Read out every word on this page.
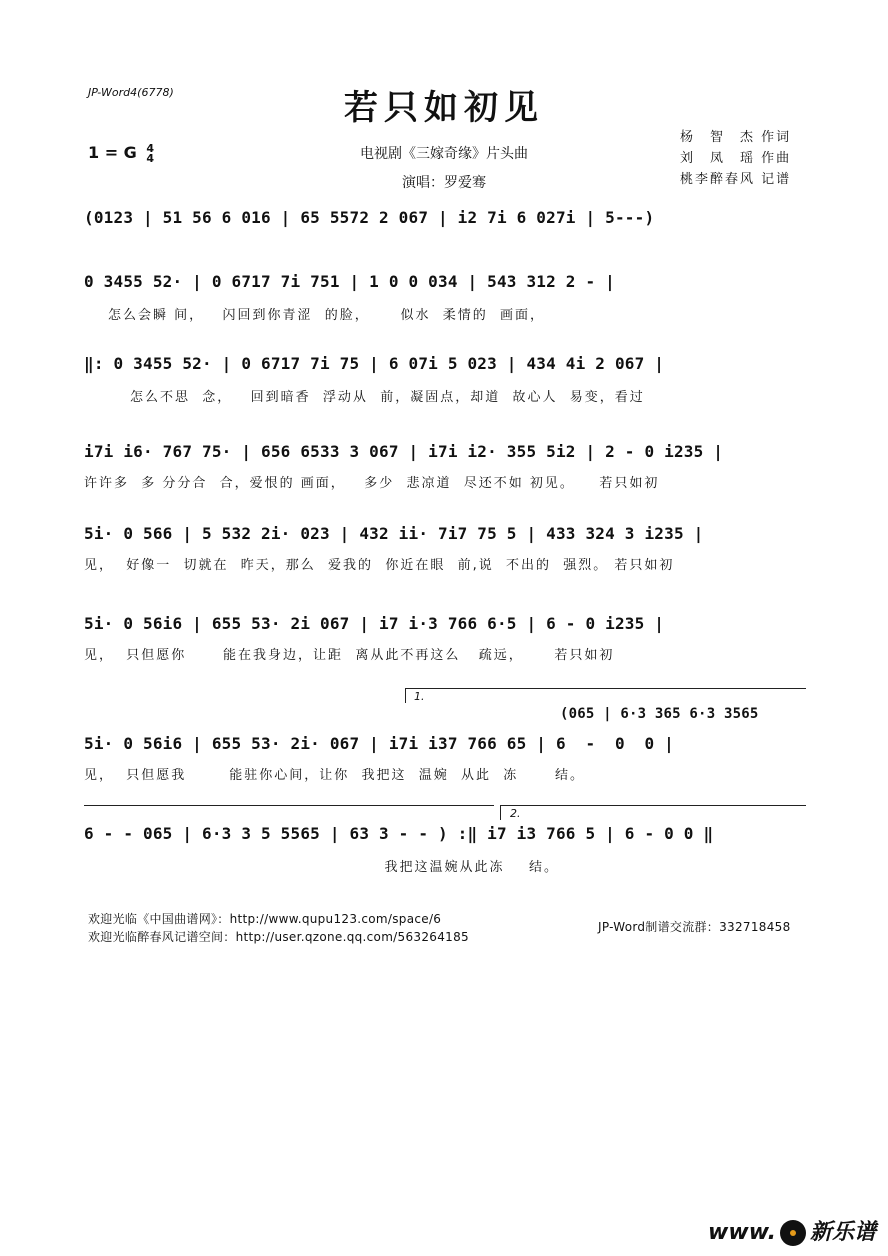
JP-Word4(6778)	若只如初见
1 = G 4
4	电视剧《三嫁奇缘》片头曲
演唱：罗爱骞
杨　智　杰 作词
刘　凤　瑶 作曲
桃李醉春风 记谱
(0123 | 51 56 6 016 | 65 5572 2 067 | i2 7i 6 027i | 5---)
0 3455 52· | 0 6717 7i 751 | 1 0 0 034 | 543 312 2 - |
怎么会瞬 间，   闪回到你青涩  的脸，     似水  柔情的  画面，
‖: 0 3455 52· | 0 6717 7i 75 | 6 07i 5 023 | 434 4i 2 067 |
怎么不思  念，   回到暗香  浮动从  前，凝固点，却道  故心人  易变，看过
i7i i6· 767 75· | 656 6533 3 067 | i7i i2· 355 5i2 | 2 - 0 i235 |
许许多  多 分分合  合，爱恨的 画面，   多少  悲凉道  尽还不如 初见。    若只如初
5i· 0 566 | 5 532 2i· 023 | 432 ii· 7i7 75 5 | 433 324 3 i235 |
见，  好像一  切就在  昨天，那么  爱我的  你近在眼  前,说  不出的  强烈。 若只如初
5i· 0 56i6 | 655 53· 2i 067 | i7 i·3 766 6·5 | 6 - 0 i235 |
见，  只但愿你      能在我身边，让距  离从此不再这么   疏远，     若只如初
1.
(065 | 6·3 365 6·3 3565
5i· 0 56i6 | 655 53· 2i· 067 | i7i i37 766 65 | 6  -  0  0 |
见，  只但愿我       能驻你心间，让你  我把这  温婉  从此  冻      结。
2.
6 - - 065 | 6·3 3 5 5565 | 63 3 - - ) :‖ i7 i3 766 5 | 6 - 0 0 ‖
我把这温婉从此冻    结。
欢迎光临《中国曲谱网》：http://www.qupu123.com/space/6
欢迎光临醉春风记谱空间：http://user.qzone.qq.com/563264185
JP-Word制谱交流群：332718458
www. 新乐谱
